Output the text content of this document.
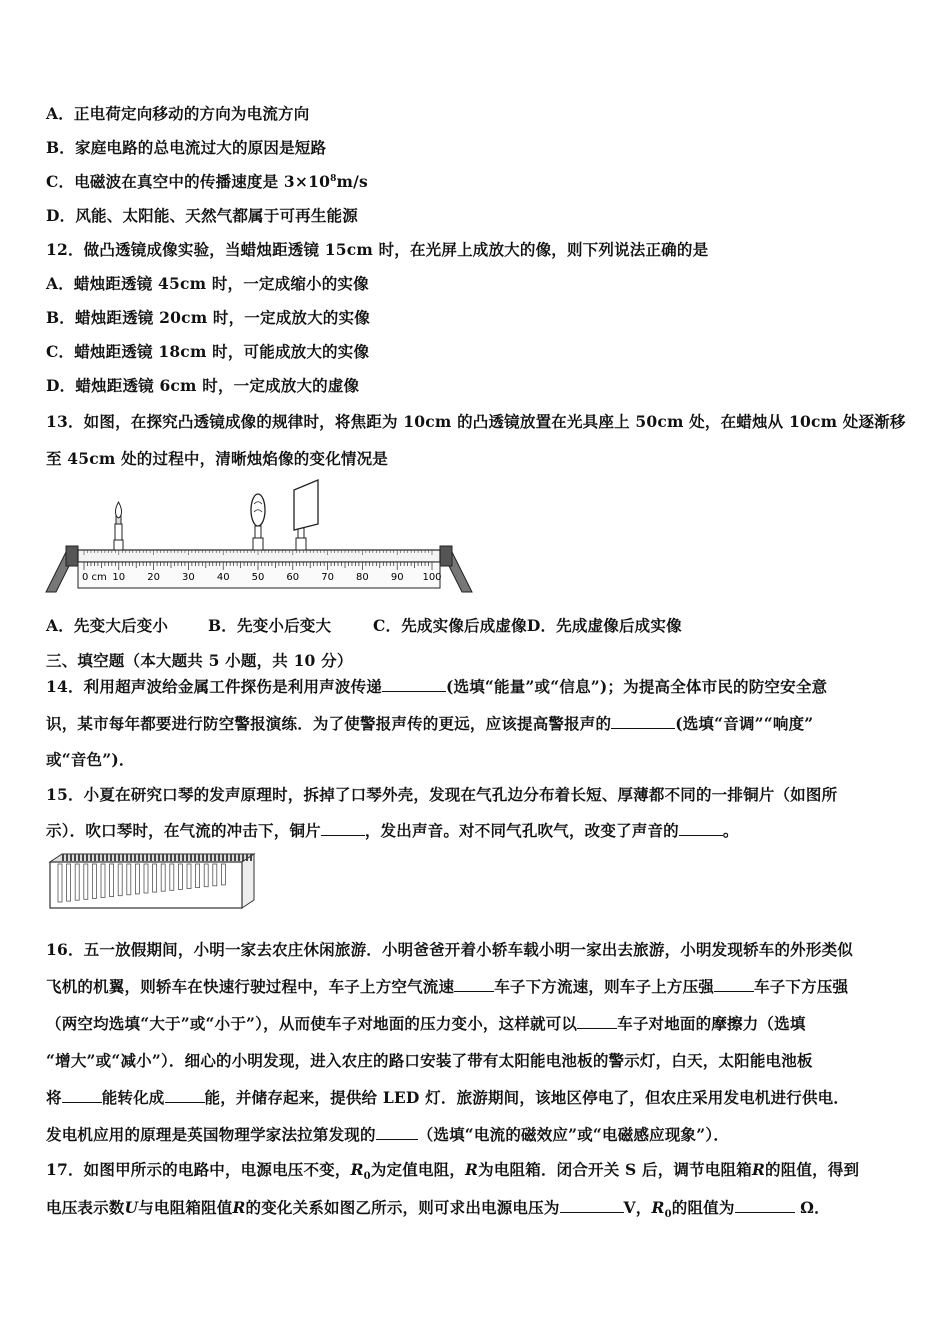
A．正电荷定向移动的方向为电流方向
B．家庭电路的总电流过大的原因是短路
C．电磁波在真空中的传播速度是 $3\times 10^8m/s$
D．风能、太阳能、天然气都属于可再生能源
12．做凸透镜成像实验，当蜡烛距透镜 15cm 时，在光屏上成放大的像，则下列说法正确的是
A．蜡烛距透镜 45cm 时，一定成缩小的实像
B．蜡烛距透镜 20cm 时，一定成放大的实像
C．蜡烛距透镜 18cm 时，可能成放大的实像
D．蜡烛距透镜 6cm 时，一定成放大的虚像
13．如图，在探究凸透镜成像的规律时，将焦距为 10cm 的凸透镜放置在光具座上 50cm 处，在蜡烛从 10cm 处逐渐移
至 45cm 处的过程中，清晰烛焰像的变化情况是
0 cm 10 20 30 40 50 60 70 80 90 100
A．先变大后变小	B．先变小后变大	C．先成实像后成虚像D．先成虚像后成实像
三、填空题（本大题共 5 小题，共 10 分）
14．利用超声波给金属工件探伤是利用声波传递	(选填“能量”或“信息”)；为提高全体市民的防空安全意
识，某市每年都要进行防空警报演练．为了使警报声传的更远，应该提高警报声的	(选填“音调”“响度”
或“音色”)．
15．小夏在研究口琴的发声原理时，拆掉了口琴外壳，发现在气孔边分布着长短、厚薄都不同的一排铜片（如图所
示）．吹口琴时，在气流的冲击下，铜片	，发出声音。对不同气孔吹气，改变了声音的	。
16．五一放假期间，小明一家去农庄休闲旅游．小明爸爸开着小轿车载小明一家出去旅游，小明发现轿车的外形类似
飞机的机翼，则轿车在快速行驶过程中，车子上方空气流速	车子下方流速，则车子上方压强	车子下方压强
（两空均选填“大于”或“小于”），从而使车子对地面的压力变小，这样就可以	车子对地面的摩擦力（选填
“增大”或“减小”）．细心的小明发现，进入农庄的路口安装了带有太阳能电池板的警示灯，白天，太阳能电池板
将	能转化成	能，并储存起来，提供给 LED 灯．旅游期间，该地区停电了，但农庄采用发电机进行供电．
发电机应用的原理是英国物理学家法拉第发现的	（选填“电流的磁效应”或“电磁感应现象”）．
17．如图甲所示的电路中，电源电压不变，$R_0$为定值电阻，R为电阻箱．闭合开关 S 后，调节电阻箱R的阻值，得到
电压表示数U与电阻箱阻值R的变化关系如图乙所示，则可求出电源电压为	V，$R_0$的阻值为	Ω．
